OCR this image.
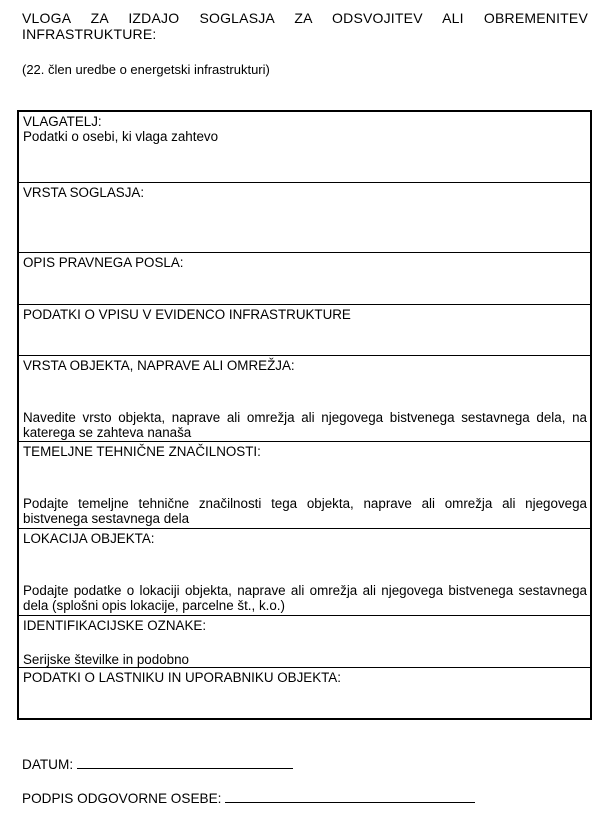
VLOGA ZA IZDAJO SOGLASJA ZA ODSVOJITEV ALI OBREMENITEV INFRASTRUKTURE:
(22. člen uredbe o energetski infrastrukturi)
VLAGATELJ:
Podatki o osebi, ki vlaga zahtevo
VRSTA SOGLASJA:
OPIS PRAVNEGA POSLA:
PODATKI O VPISU V EVIDENCO INFRASTRUKTURE
VRSTA OBJEKTA, NAPRAVE ALI OMREŽJA:
Navedite vrsto objekta, naprave ali omrežja ali njegovega bistvenega sestavnega dela, na katerega se zahteva nanaša
TEMELJNE TEHNIČNE ZNAČILNOSTI:
Podajte temeljne tehnične značilnosti tega objekta, naprave ali omrežja ali njegovega bistvenega sestavnega dela
LOKACIJA OBJEKTA:
Podajte podatke o lokaciji objekta, naprave ali omrežja ali njegovega bistvenega sestavnega dela (splošni opis lokacije, parcelne št., k.o.)
IDENTIFIKACIJSKE OZNAKE:
Serijske številke in podobno
PODATKI O LASTNIKU IN UPORABNIKU OBJEKTA:
DATUM:
PODPIS ODGOVORNE OSEBE:
